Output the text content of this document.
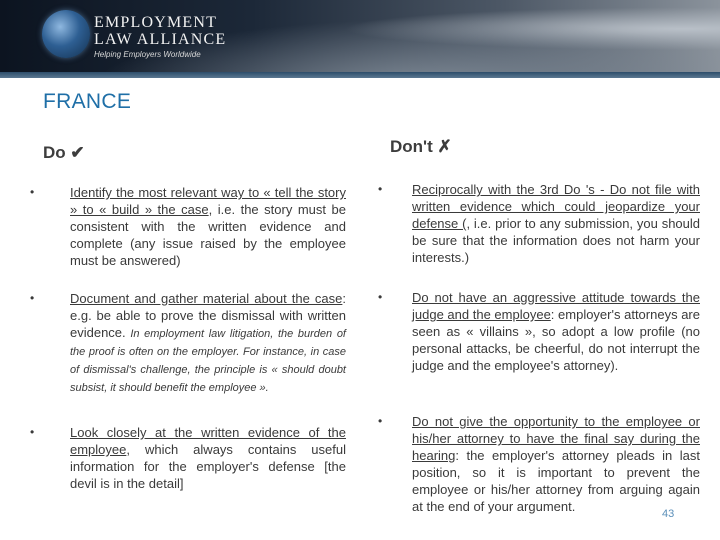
EMPLOYMENT
LAW ALLIANCE
Helping Employers Worldwide
FRANCE
Do ✔	Don't ✗
•	Identify the most relevant way to « tell the story » to « build » the case, i.e. the story must be consistent with the written evidence and complete (any issue raised by the employee must be answered)
•	Document and gather material about the case: e.g. be able to prove the dismissal with written evidence. In employment law litigation, the burden of the proof is often on the employer. For instance, in case of dismissal's challenge, the principle is « should doubt subsist, it should benefit the employee ».
•	Look closely at the written evidence of the employee, which always contains useful information for the employer's defense [the devil is in the detail]
• Reciprocally with the 3rd Do 's - Do not file with written evidence which could jeopardize your defense (, i.e. prior to any submission, you should be sure that the information does not harm your interests.)
• Do not have an aggressive attitude towards the judge and the employee: employer's attorneys are seen as « villains », so adopt a low profile (no personal attacks, be cheerful, do not interrupt the judge and the employee's attorney).
• Do not give the opportunity to the employee or his/her attorney to have the final say during the hearing: the employer's attorney pleads in last position, so it is important to prevent the employee or his/her attorney from arguing again at the end of your argument.	43
